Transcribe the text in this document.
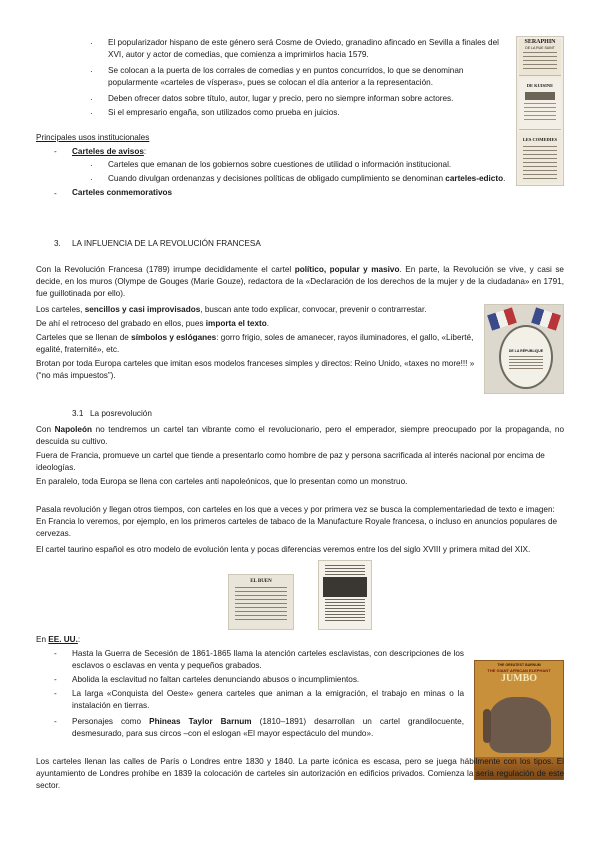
· El popularizador hispano de este género será Cosme de Oviedo, granadino afincado en Sevilla a finales del XVI, autor y actor de comedias, que comienza a imprimirlos hacia 1579.

· Se colocan a la puerta de los corrales de comedias y en puntos concurridos, lo que se denominan popularmente «carteles de vísperas», pues se colocan el día anterior a la representación.

· Deben ofrecer datos sobre título, autor, lugar y precio, pero no siempre informan sobre actores.

· Si el empresario engaña, son utilizados como prueba en juicios.

SERAPHIN
DE LA RUE SAINT
DE KUISINE
LES COMEDIES

Principales usos institucionales

- Carteles de avisos:

· Carteles que emanan de los gobiernos sobre cuestiones de utilidad o información institucional.

· Cuando divulgan ordenanzas y decisiones políticas de obligado cumplimiento se denominan carteles-edicto.

- Carteles conmemorativos

3. LA INFLUENCIA DE LA REVOLUCIÓN FRANCESA

Con la Revolución Francesa (1789) irrumpe decididamente el cartel político, popular y masivo. En parte, la Revolución se vive, y casi se decide, en los muros (Olympe de Gouges (Marie Gouze), redactora de la «Declaración de los derechos de la mujer y de la ciudadana» en 1791, fue guillotinada por ello).

Los carteles, sencillos y casi improvisados, buscan ante todo explicar, convocar, prevenir o contrarrestar.

De ahí el retroceso del grabado en ellos, pues importa el texto.

Carteles que se llenan de símbolos y eslóganes: gorro frigio, soles de amanecer, rayos iluminadores, el gallo, «Liberté, egalité, fraternité», etc.

Brotan por toda Europa carteles que imitan esos modelos franceses simples y directos: Reino Unido, «taxes no more!!! » (“no más impuestos”).

DE LA RÉPUBLIQUE

3.1 La posrevolución

Con Napoleón no tendremos un cartel tan vibrante como el revolucionario, pero el emperador, siempre preocupado por la propaganda, no descuida su cultivo.

Fuera de Francia, promueve un cartel que tiende a presentarlo como hombre de paz y persona sacrificada al interés nacional por encima de ideologías.

En paralelo, toda Europa se llena con carteles anti napoleónicos, que lo presentan como un monstruo.

Pasala revolución y llegan otros tiempos, con carteles en los que a veces y por primera vez se busca la complementariedad de texto e imagen: En Francia lo veremos, por ejemplo, en los primeros carteles de tabaco de la Manufacture Royale francesa, o incluso en anuncios populares de cervezas.

El cartel taurino español es otro modelo de evolución lenta y pocas diferencias veremos entre los del siglo XVIII y primera mitad del XIX.

EL BUEN

En EE. UU.:

- Hasta la Guerra de Secesión de 1861-1865 llama la atención carteles esclavistas, con descripciones de los esclavos o esclavas en venta y pequeños grabados.

- Abolida la esclavitud no faltan carteles denunciando abusos o incumplimientos.

- La larga «Conquista del Oeste» genera carteles que animan a la emigración, el trabajo en minas o la instalación en tierras.

- Personajes como Phineas Taylor Barnum (1810–1891) desarrollan un cartel grandilocuente, desmesurado, para sus circos –con el eslogan «El mayor espectáculo del mundo».

THE GREATEST BARNUM
THE GIANT AFRICAN ELEPHANT
JUMBO

Los carteles llenan las calles de París o Londres entre 1830 y 1840. La parte icónica es escasa, pero se juega hábilmente con los tipos. El ayuntamiento de Londres prohíbe en 1839 la colocación de carteles sin autorización en edificios privados. Comienza la seria regulación de este sector.
